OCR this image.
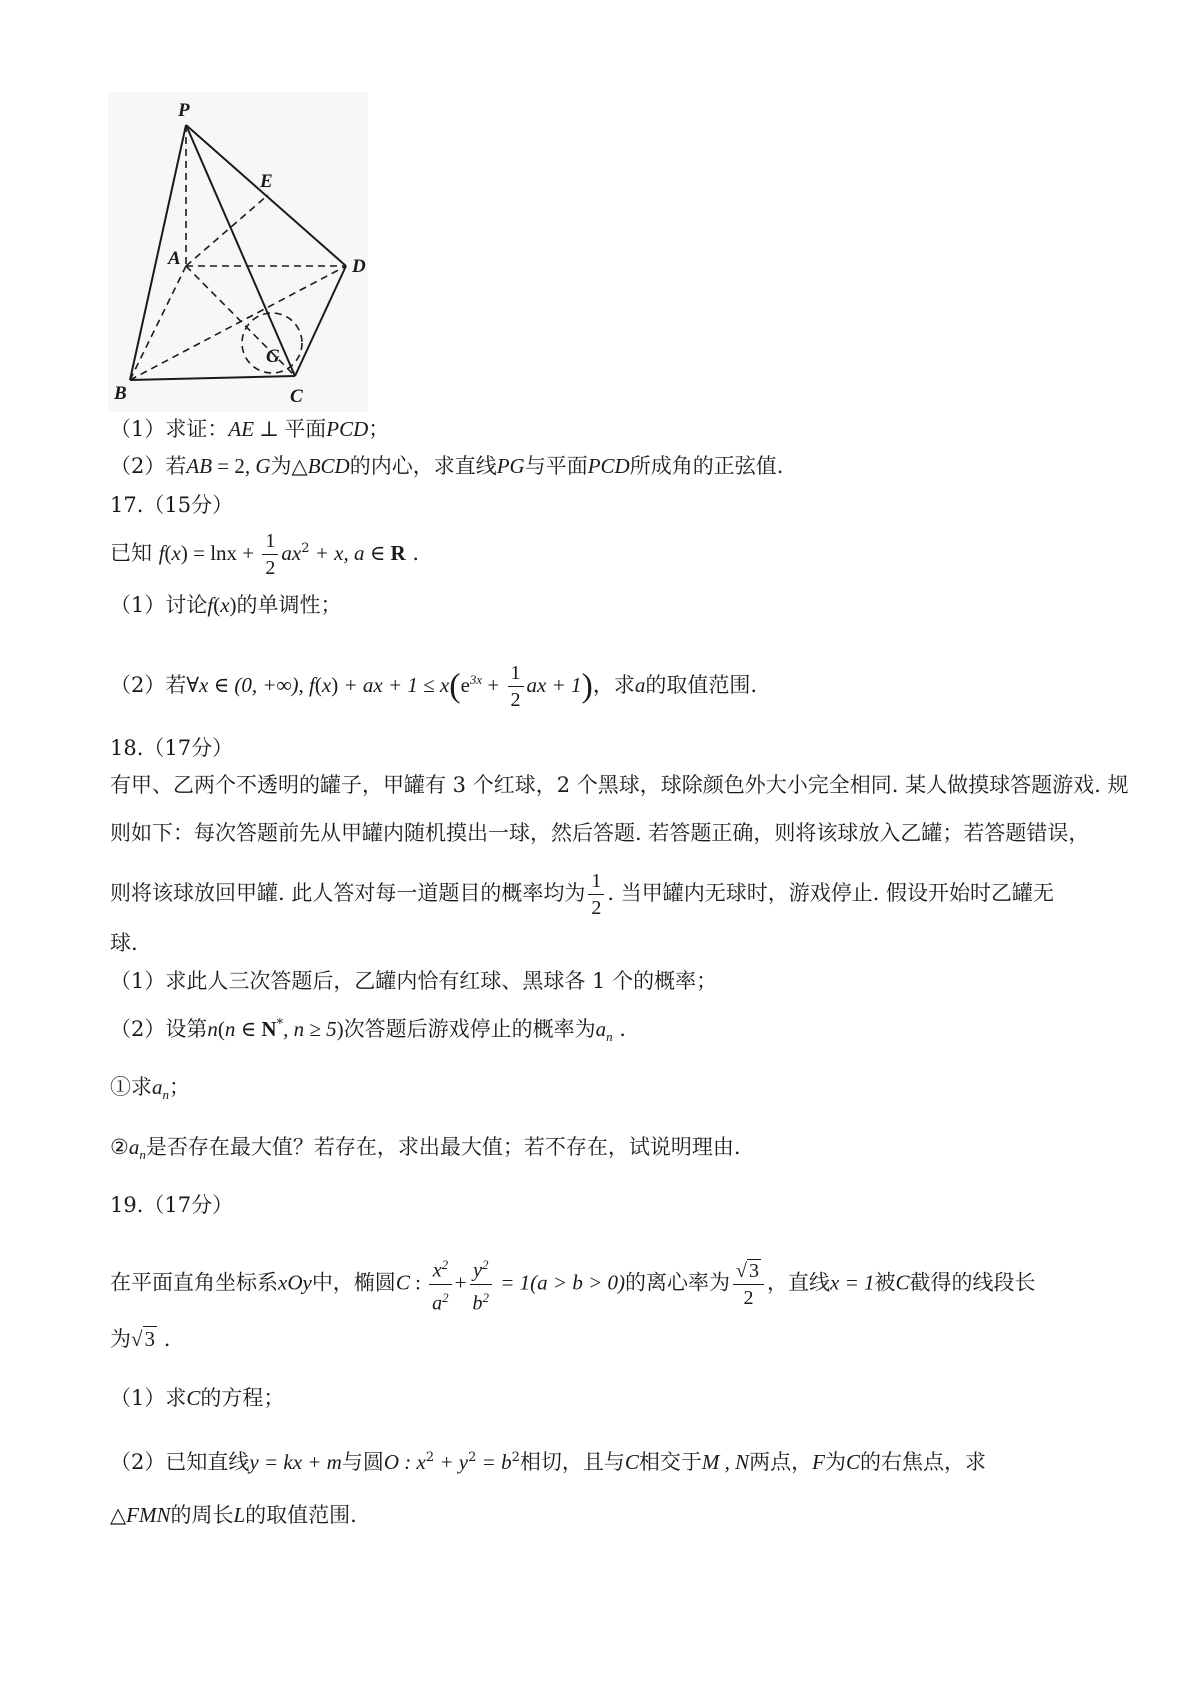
P
E
A	D
G
B	C
（1）求证：AE ⊥ 平面PCD；
（2）若AB = 2, G为△BCD的内心，求直线PG与平面PCD所成角的正弦值.
17.（15分）
已知 $f(x) = \ln x + \frac{1}{2} ax^2 + x$, a ∈ R .
（1）讨论f(x)的单调性；
（2）若∀x ∈ (0, +∞), f(x) + ax + $1 \le x(e^{3x} + \frac{1}{2}$ ax + 1)，求a的取值范围.
18.（17分）
有甲、乙两个不透明的罐子，甲罐有 3 个红球，2 个黑球，球除颜色外大小完全相同. 某人做摸球答题游戏. 规
则如下：每次答题前先从甲罐内随机摸出一球，然后答题. 若答题正确，则将该球放入乙罐；若答题错误，
则将该球放回甲罐. 此人答对每一道题目的概率均为 $\frac{1}{2}$ . 当甲罐内无球时，游戏停止. 假设开始时乙罐无
球.
（1）求此人三次答题后，乙罐内恰有红球、黑球各 1 个的概率；
（2）设第n(n ∈ N*, n ≥ 5)次答题后游戏停止的概率为$a_n$ .
①求$a_n$；
$②a_n$是否存在最大值？若存在，求出最大值；若不存在，试说明理由.
19.（17分）
在平面直角坐标系xOy中，椭圆C : $\frac{x^2}{a^2} + \frac{y^2}{b^2} = 1(a > b > 0)$的离心率为 $\frac{√ 3}{2}$ ，直线x = 1被C截得的线段长
为√3 .
（1）求C的方程；
（2）已知直线y = kx + m与圆O : $x^2 + y^2 = b^2$相切，且与C相交于M , N两点，F为C的右焦点，求
△FMN的周长L的取值范围.
